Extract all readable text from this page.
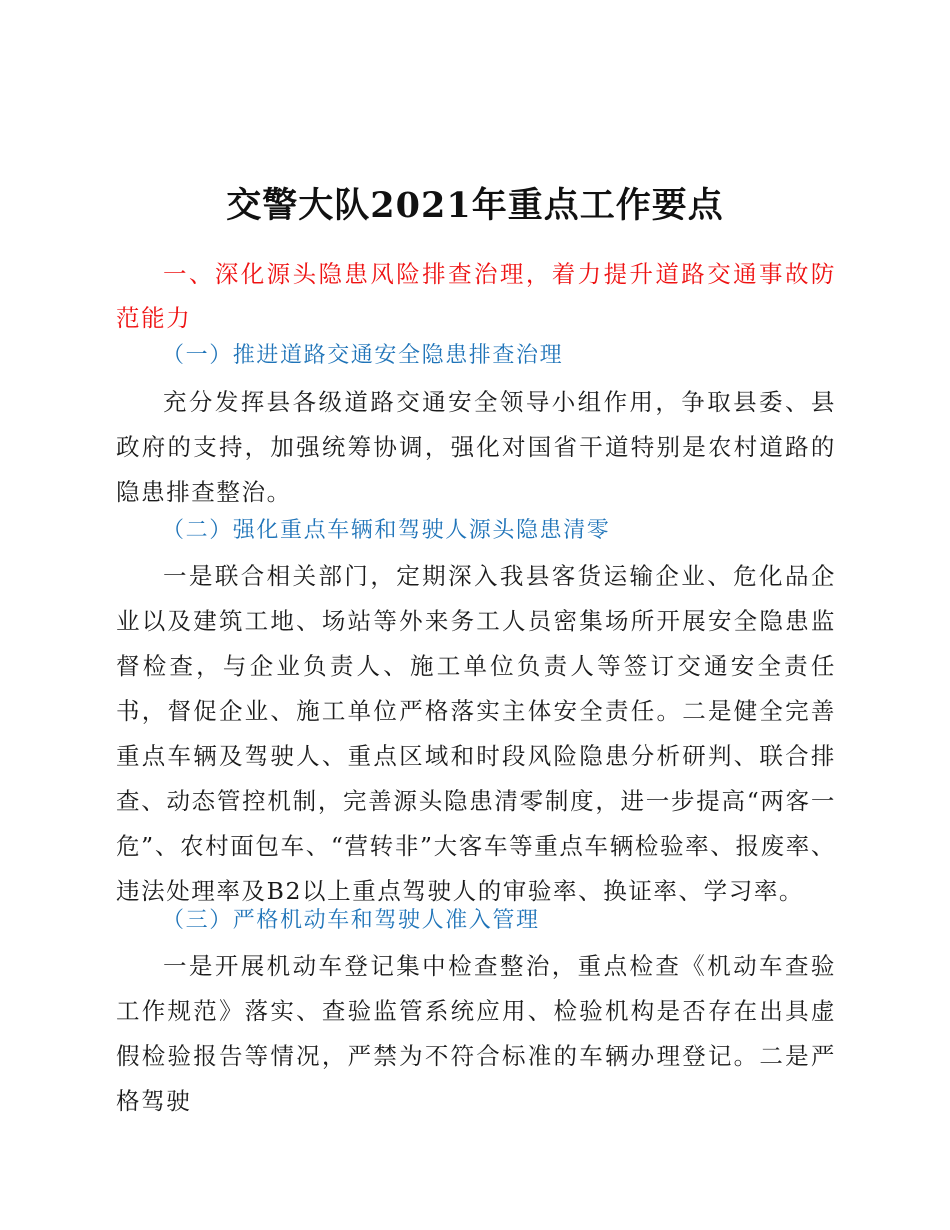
交警大队2021年重点工作要点

一、深化源头隐患风险排查治理，着力提升道路交通事故防范能力

（一）推进道路交通安全隐患排查治理

充分发挥县各级道路交通安全领导小组作用，争取县委、县政府的支持，加强统筹协调，强化对国省干道特别是农村道路的隐患排查整治。

（二）强化重点车辆和驾驶人源头隐患清零

一是联合相关部门，定期深入我县客货运输企业、危化品企业以及建筑工地、场站等外来务工人员密集场所开展安全隐患监督检查，与企业负责人、施工单位负责人等签订交通安全责任书，督促企业、施工单位严格落实主体安全责任。二是健全完善重点车辆及驾驶人、重点区域和时段风险隐患分析研判、联合排查、动态管控机制，完善源头隐患清零制度，进一步提高“两客一危”、农村面包车、“营转非”大客车等重点车辆检验率、报废率、违法处理率及B2以上重点驾驶人的审验率、换证率、学习率。

（三）严格机动车和驾驶人准入管理

一是开展机动车登记集中检查整治，重点检查《机动车查验工作规范》落实、查验监管系统应用、检验机构是否存在出具虚假检验报告等情况，严禁为不符合标准的车辆办理登记。二是严格驾驶
